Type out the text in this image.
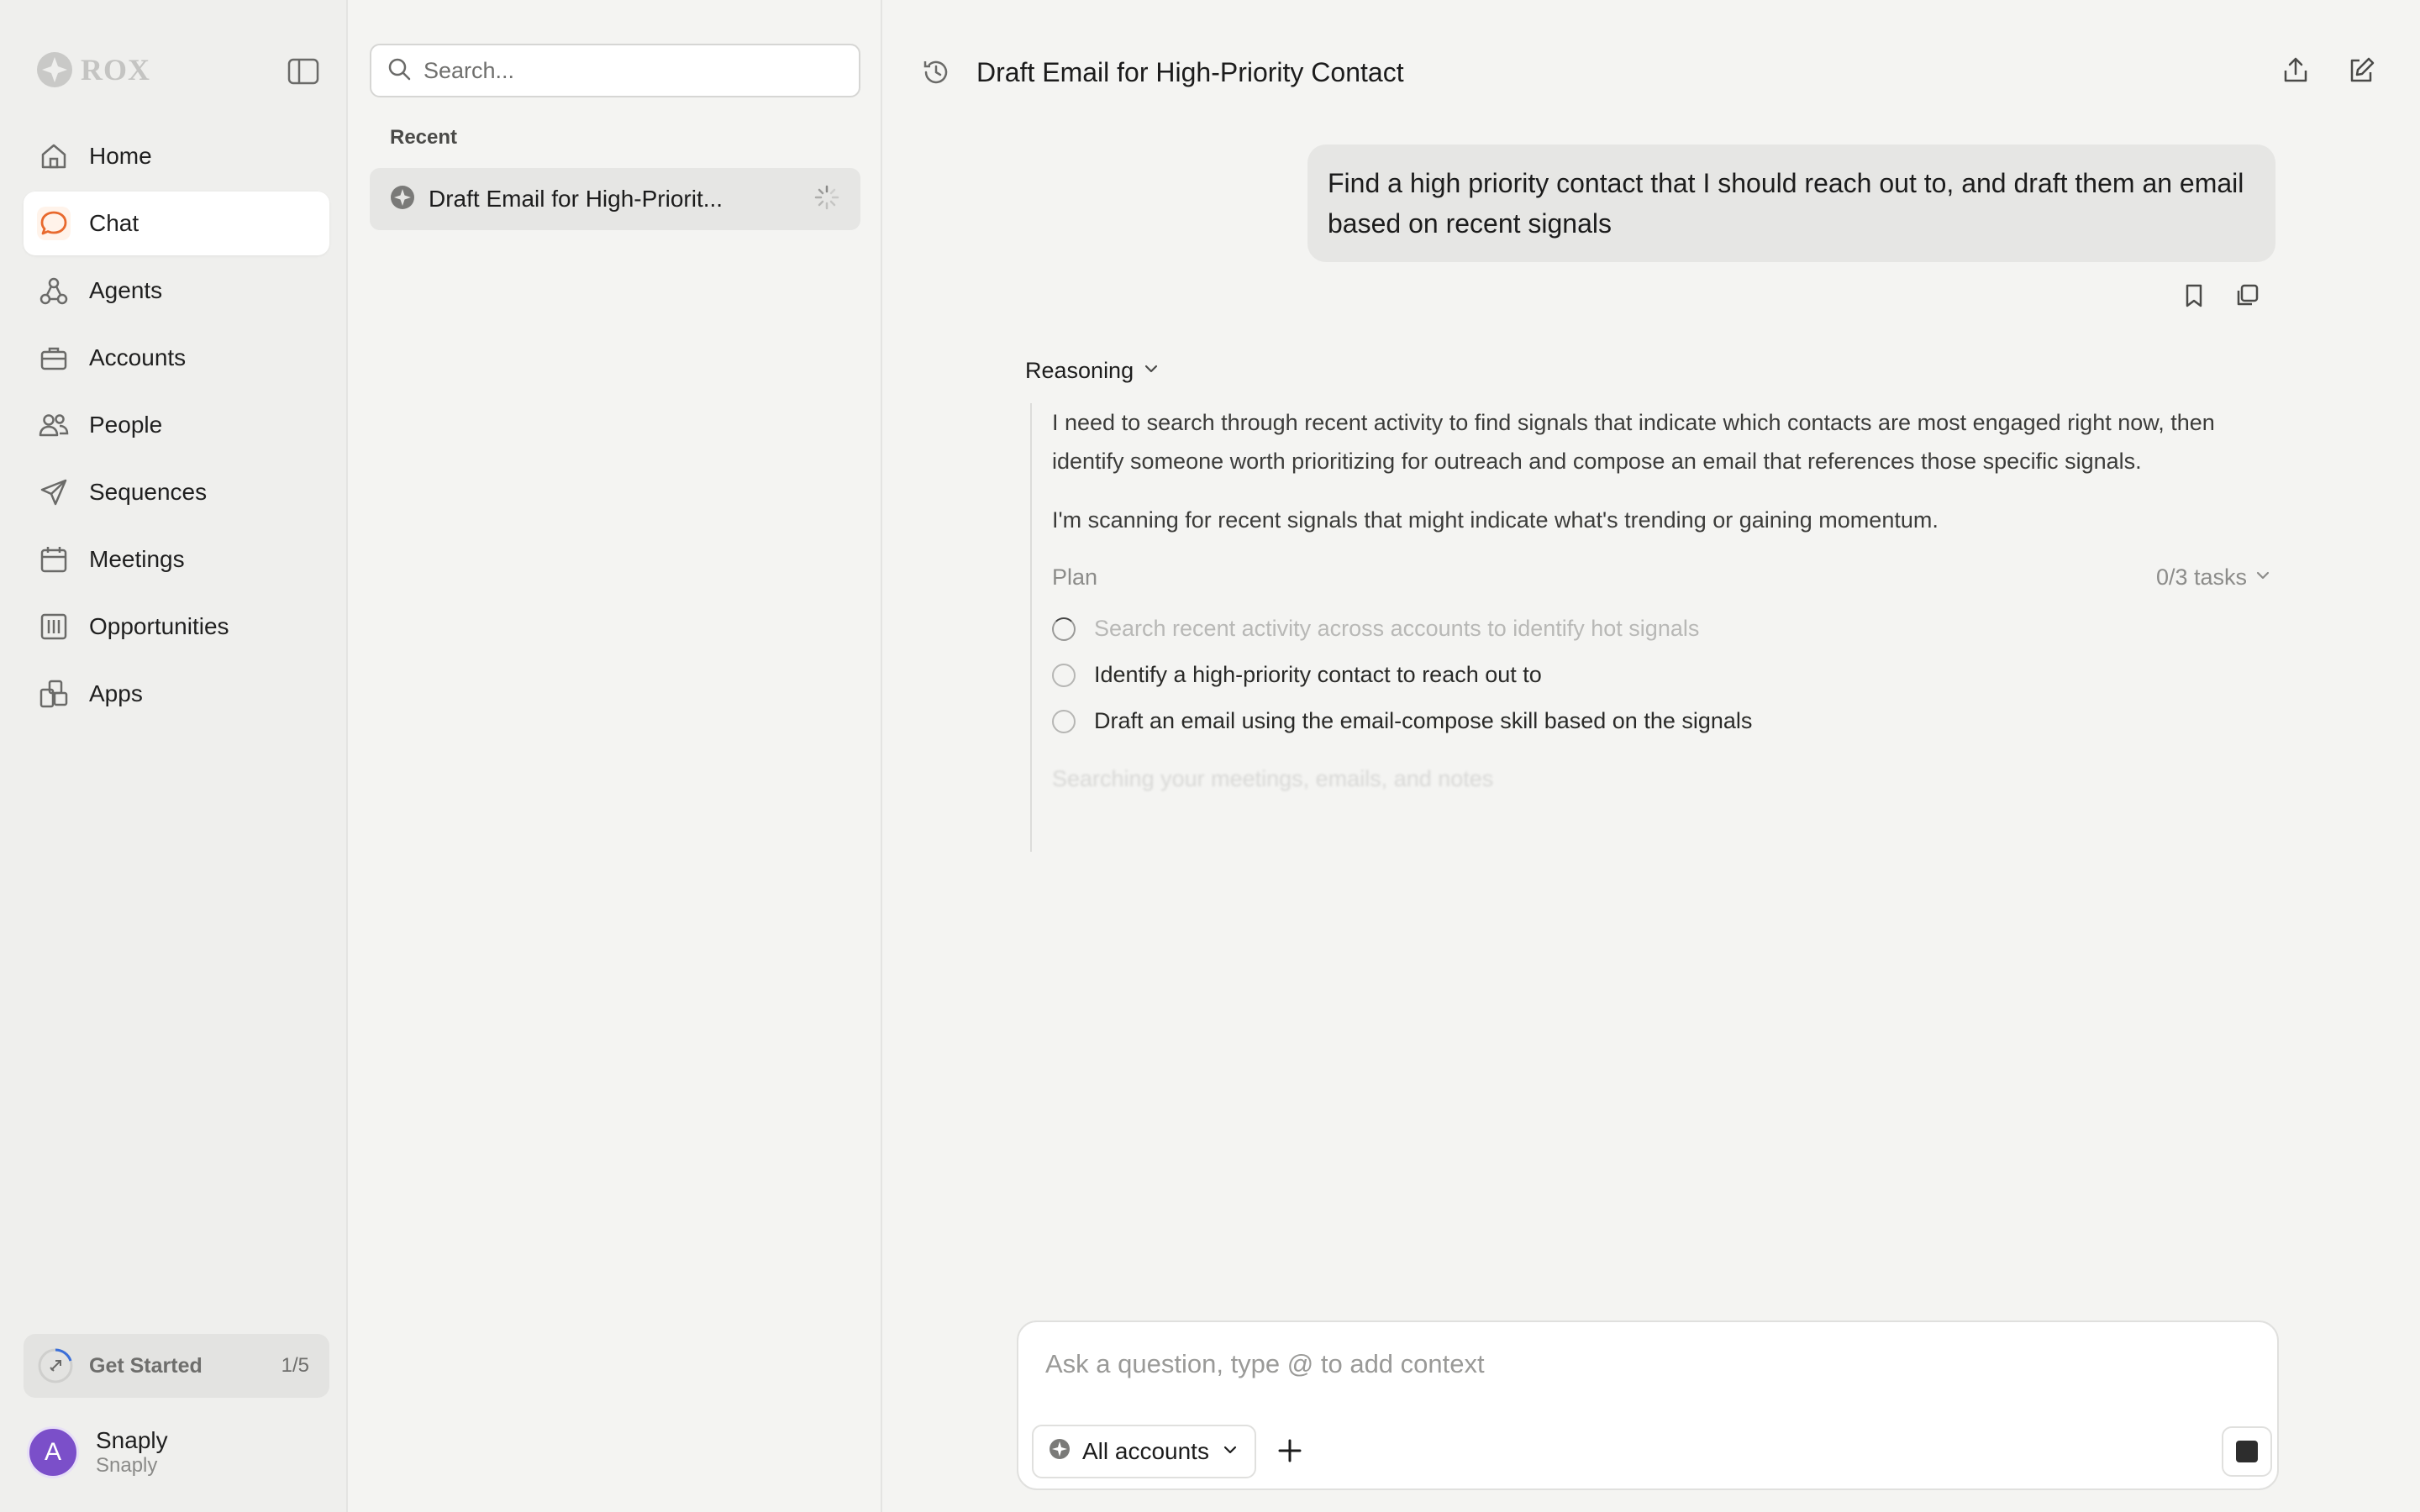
ROX
Home
Chat
Agents
Accounts
People
Sequences
Meetings
Opportunities
Apps
Get Started	1/5
A	Snaply
Snaply
Search...
Recent
Draft Email for High-Priorit...
Draft Email for High-Priority Contact
Find a high priority contact that I should reach out to, and draft them an email based on recent signals
Reasoning

I need to search through recent activity to find signals that indicate which contacts are most engaged right now, then identify someone worth prioritizing for outreach and compose an email that references those specific signals.

I'm scanning for recent signals that might indicate what's trending or gaining momentum.

Plan	0/3 tasks
Search recent activity across accounts to identify hot signals
Identify a high-priority contact to reach out to
Draft an email using the email-compose skill based on the signals
Searching your meetings, emails, and notes
Ask a question, type @ to add context
All accounts
